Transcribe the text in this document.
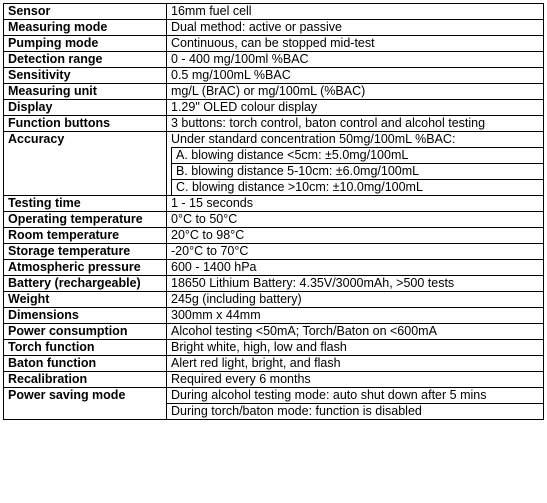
Sensor	16mm fuel cell
Measuring mode	Dual method: active or passive
Pumping mode	Continuous, can be stopped mid-test
Detection range	0 - 400 mg/100ml %BAC
Sensitivity	0.5 mg/100mL %BAC
Measuring unit	mg/L (BrAC) or mg/100mL (%BAC)
Display	1.29" OLED colour display
Function buttons	3 buttons: torch control, baton control and alcohol testing
Accuracy	Under standard concentration 50mg/100mL %BAC:
A. blowing distance <5cm: ±5.0mg/100mL
B. blowing distance 5-10cm: ±6.0mg/100mL
C. blowing distance >10cm: ±10.0mg/100mL

Testing time	1 - 15 seconds
Operating temperature	0°C to 50°C
Room temperature	20°C to 98°C
Storage temperature	-20°C to 70°C
Atmospheric pressure	600 - 1400 hPa
Battery (rechargeable)	18650 Lithium Battery: 4.35V/3000mAh, >500 tests
Weight	245g (including battery)
Dimensions	300mm x 44mm
Power consumption	Alcohol testing <50mA; Torch/Baton on <600mA
Torch function	Bright white, high, low and flash
Baton function	Alert red light, bright, and flash
Recalibration	Required every 6 months
Power saving mode	During alcohol testing mode: auto shut down after 5 mins
During torch/baton mode: function is disabled
